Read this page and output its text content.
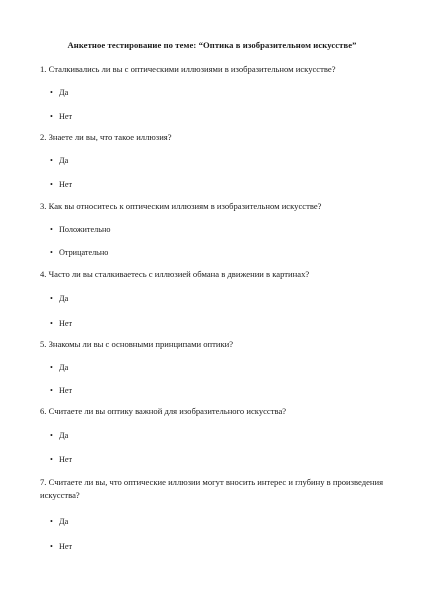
Анкетное тестирование по теме: “Оптика в изобразительном искусстве”
1. Сталкивались ли вы с оптическими иллюзиями в изобразительном искусстве?
• Да
• Нет
2. Знаете ли вы, что такое иллюзия?
• Да
• Нет
3. Как вы относитесь к оптическим иллюзиям в изобразительном искусстве?
• Положительно
• Отрицательно
4. Часто ли вы сталкиваетесь с иллюзией обмана в движении в картинах?
• Да
• Нет
5. Знакомы ли вы с основными принципами оптики?
• Да
• Нет
6. Считаете ли вы оптику важной для изобразительного искусства?
• Да
• Нет
7. Считаете ли вы, что оптические иллюзии могут вносить интерес и глубину в произведения искусства?
• Да
• Нет
